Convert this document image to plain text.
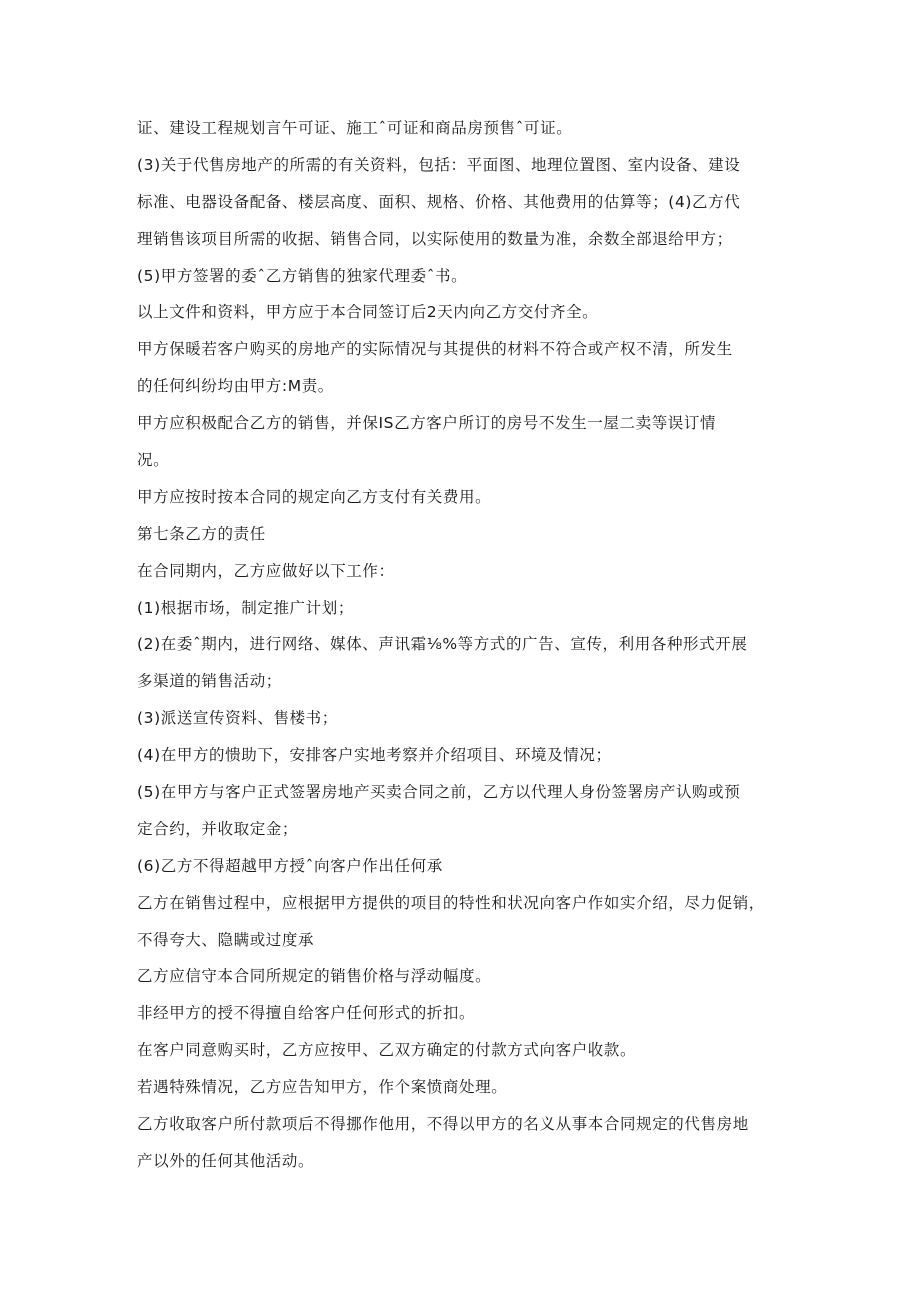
证、建设工程规划言午可证、施工ˆ可证和商品房预售ˆ可证。

(3)关于代售房地产的所需的有关资料，包括：平面图、地理位置图、室内设备、建设

标准、电器设备配备、楼层高度、面积、规格、价格、其他费用的估算等；(4)乙方代

理销售该项目所需的收据、销售合同，以实际使用的数量为准，余数全部退给甲方；

(5)甲方签署的委ˆ乙方销售的独家代理委ˆ书。

以上文件和资料，甲方应于本合同签订后2天内向乙方交付齐全。

甲方保暖若客户购买的房地产的实际情况与其提供的材料不符合或产权不清，所发生

的任何纠纷均由甲方:M责。

甲方应积极配合乙方的销售，并保IS乙方客户所订的房号不发生一屋二卖等误订情

况。

甲方应按时按本合同的规定向乙方支付有关费用。

第七条乙方的责任

在合同期内，乙方应做好以下工作：

(1)根据市场，制定推广计划；

(2)在委ˆ期内，进行网络、媒体、声讯霜⅛%等方式的广告、宣传，利用各种形式开展

多渠道的销售活动；

(3)派送宣传资料、售楼书；

(4)在甲方的愦助下，安排客户实地考察并介绍项目、环境及情况；

(5)在甲方与客户正式签署房地产买卖合同之前，乙方以代理人身份签署房产认购或预

定合约，并收取定金；

(6)乙方不得超越甲方授ˆ向客户作出任何承

乙方在销售过程中，应根据甲方提供的项目的特性和状况向客户作如实介绍，尽力促销，

不得夸大、隐瞒或过度承

乙方应信守本合同所规定的销售价格与浮动幅度。

非经甲方的授不得擅自给客户任何形式的折扣。

在客户同意购买时，乙方应按甲、乙双方确定的付款方式向客户收款。

若遇特殊情况，乙方应告知甲方，作个案愤商处理。

乙方收取客户所付款项后不得挪作他用，不得以甲方的名义从事本合同规定的代售房地

产以外的任何其他活动。
